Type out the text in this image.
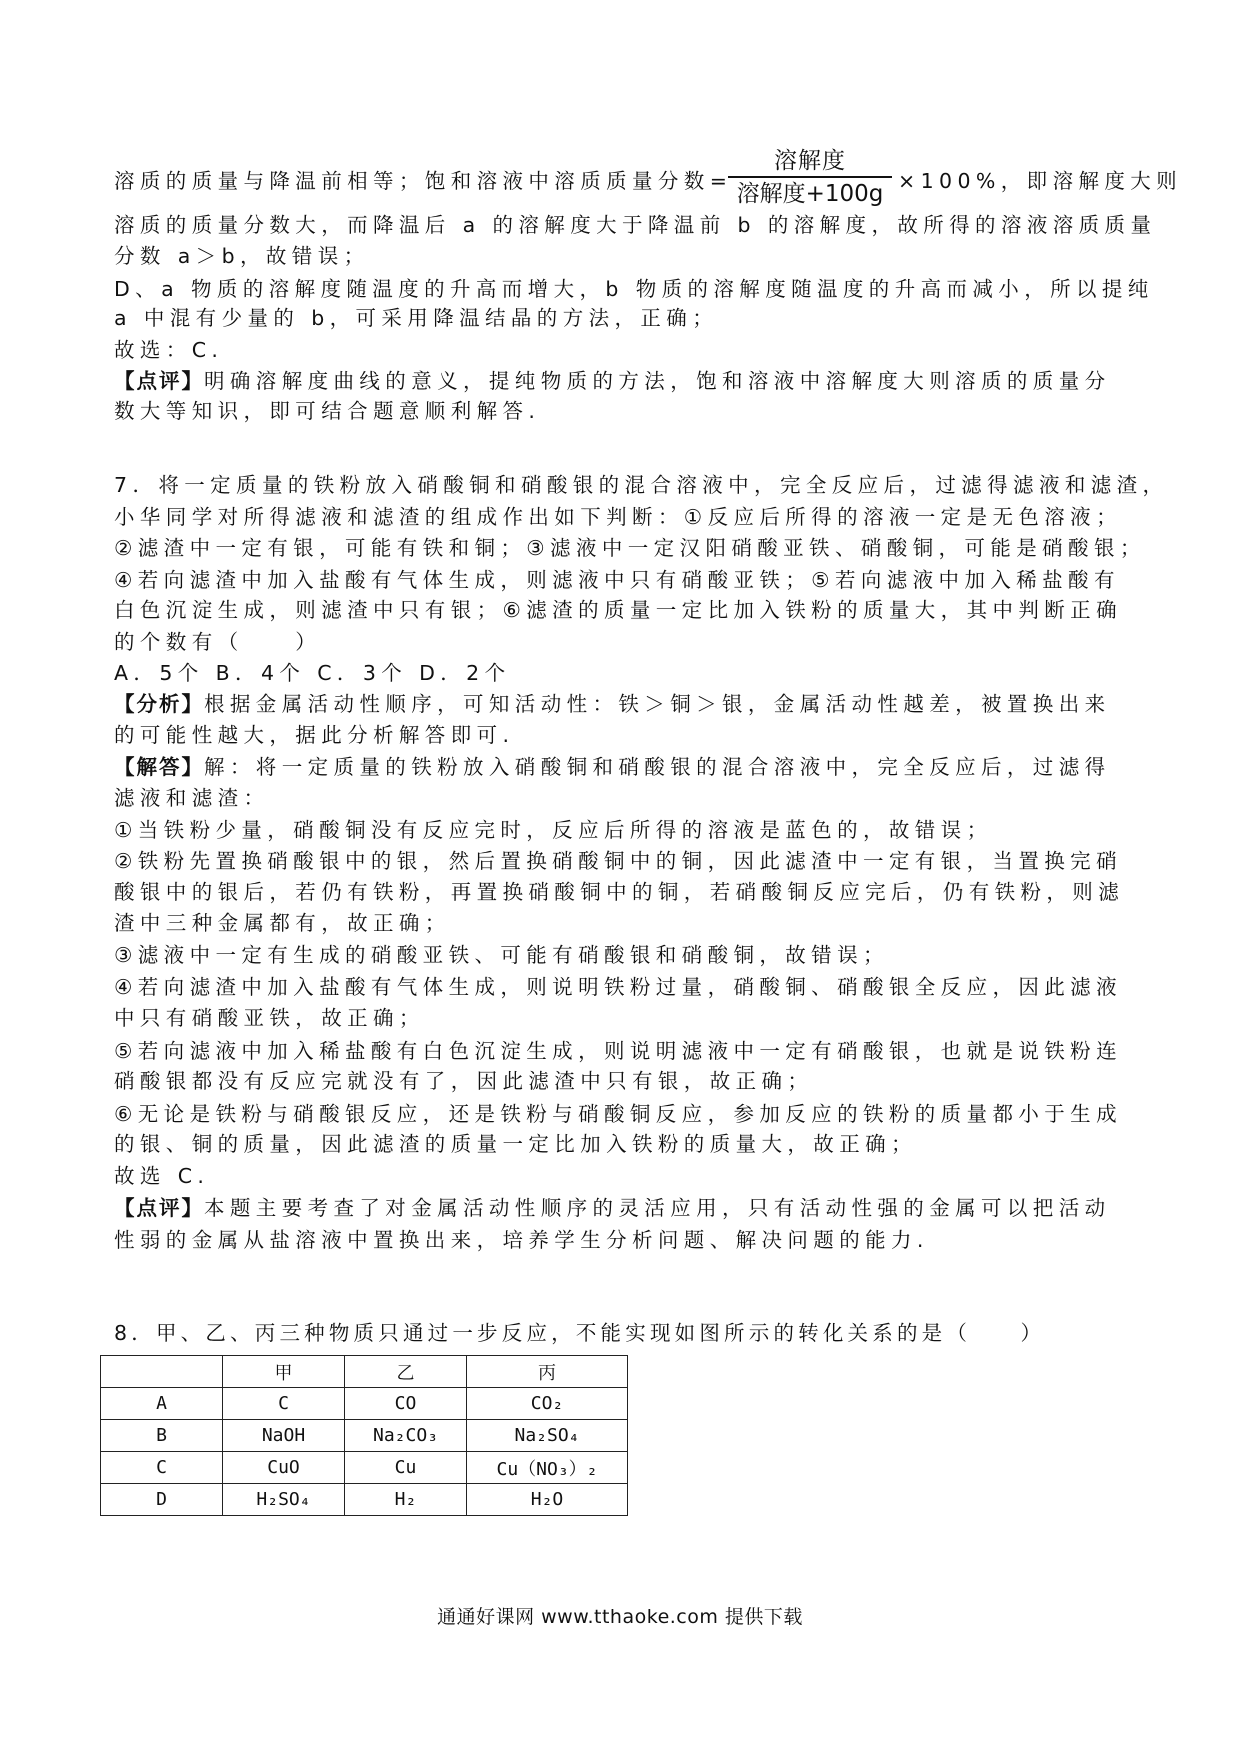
溶质的质量与降温前相等；饱和溶液中溶质质量分数=
溶解度
溶解度+100g ×100%，即溶解度大则
溶质的质量分数大，而降温后 a 的溶解度大于降温前 b 的溶解度，故所得的溶液溶质质量
分数 a＞b，故错误；
D、a 物质的溶解度随温度的升高而增大，b 物质的溶解度随温度的升高而减小，所以提纯
a 中混有少量的 b，可采用降温结晶的方法，正确；
故选：C.
【点评】明确溶解度曲线的意义，提纯物质的方法，饱和溶液中溶解度大则溶质的质量分
数大等知识，即可结合题意顺利解答.
7．将一定质量的铁粉放入硝酸铜和硝酸银的混合溶液中，完全反应后，过滤得滤液和滤渣，
小华同学对所得滤液和滤渣的组成作出如下判断：①反应后所得的溶液一定是无色溶液；
②滤渣中一定有银，可能有铁和铜；③滤液中一定汉阳硝酸亚铁、硝酸铜，可能是硝酸银；
④若向滤渣中加入盐酸有气体生成，则滤液中只有硝酸亚铁；⑤若向滤液中加入稀盐酸有
白色沉淀生成，则滤渣中只有银；⑥滤渣的质量一定比加入铁粉的质量大，其中判断正确
的个数有（　　）
A．5个 B．4个 C．3个 D．2个
【分析】根据金属活动性顺序，可知活动性：铁＞铜＞银，金属活动性越差，被置换出来
的可能性越大，据此分析解答即可.
【解答】解：将一定质量的铁粉放入硝酸铜和硝酸银的混合溶液中，完全反应后，过滤得
滤液和滤渣：
①当铁粉少量，硝酸铜没有反应完时，反应后所得的溶液是蓝色的，故错误；
②铁粉先置换硝酸银中的银，然后置换硝酸铜中的铜，因此滤渣中一定有银，当置换完硝
酸银中的银后，若仍有铁粉，再置换硝酸铜中的铜，若硝酸铜反应完后，仍有铁粉，则滤
渣中三种金属都有，故正确；
③滤液中一定有生成的硝酸亚铁、可能有硝酸银和硝酸铜，故错误；
④若向滤渣中加入盐酸有气体生成，则说明铁粉过量，硝酸铜、硝酸银全反应，因此滤液
中只有硝酸亚铁，故正确；
⑤若向滤液中加入稀盐酸有白色沉淀生成，则说明滤液中一定有硝酸银，也就是说铁粉连
硝酸银都没有反应完就没有了，因此滤渣中只有银，故正确；
⑥无论是铁粉与硝酸银反应，还是铁粉与硝酸铜反应，参加反应的铁粉的质量都小于生成
的银、铜的质量，因此滤渣的质量一定比加入铁粉的质量大，故正确；
故选 C.
【点评】本题主要考查了对金属活动性顺序的灵活应用，只有活动性强的金属可以把活动
性弱的金属从盐溶液中置换出来，培养学生分析问题、解决问题的能力.
8．甲、乙、丙三种物质只通过一步反应，不能实现如图所示的转化关系的是（　　）
	甲	乙	丙
A	C	CO	CO₂
B	NaOH	Na₂CO₃	Na₂SO₄
C	CuO	Cu	Cu（NO₃）₂
D	H₂SO₄	H₂	H₂O
通通好课网 www.tthaoke.com 提供下载
